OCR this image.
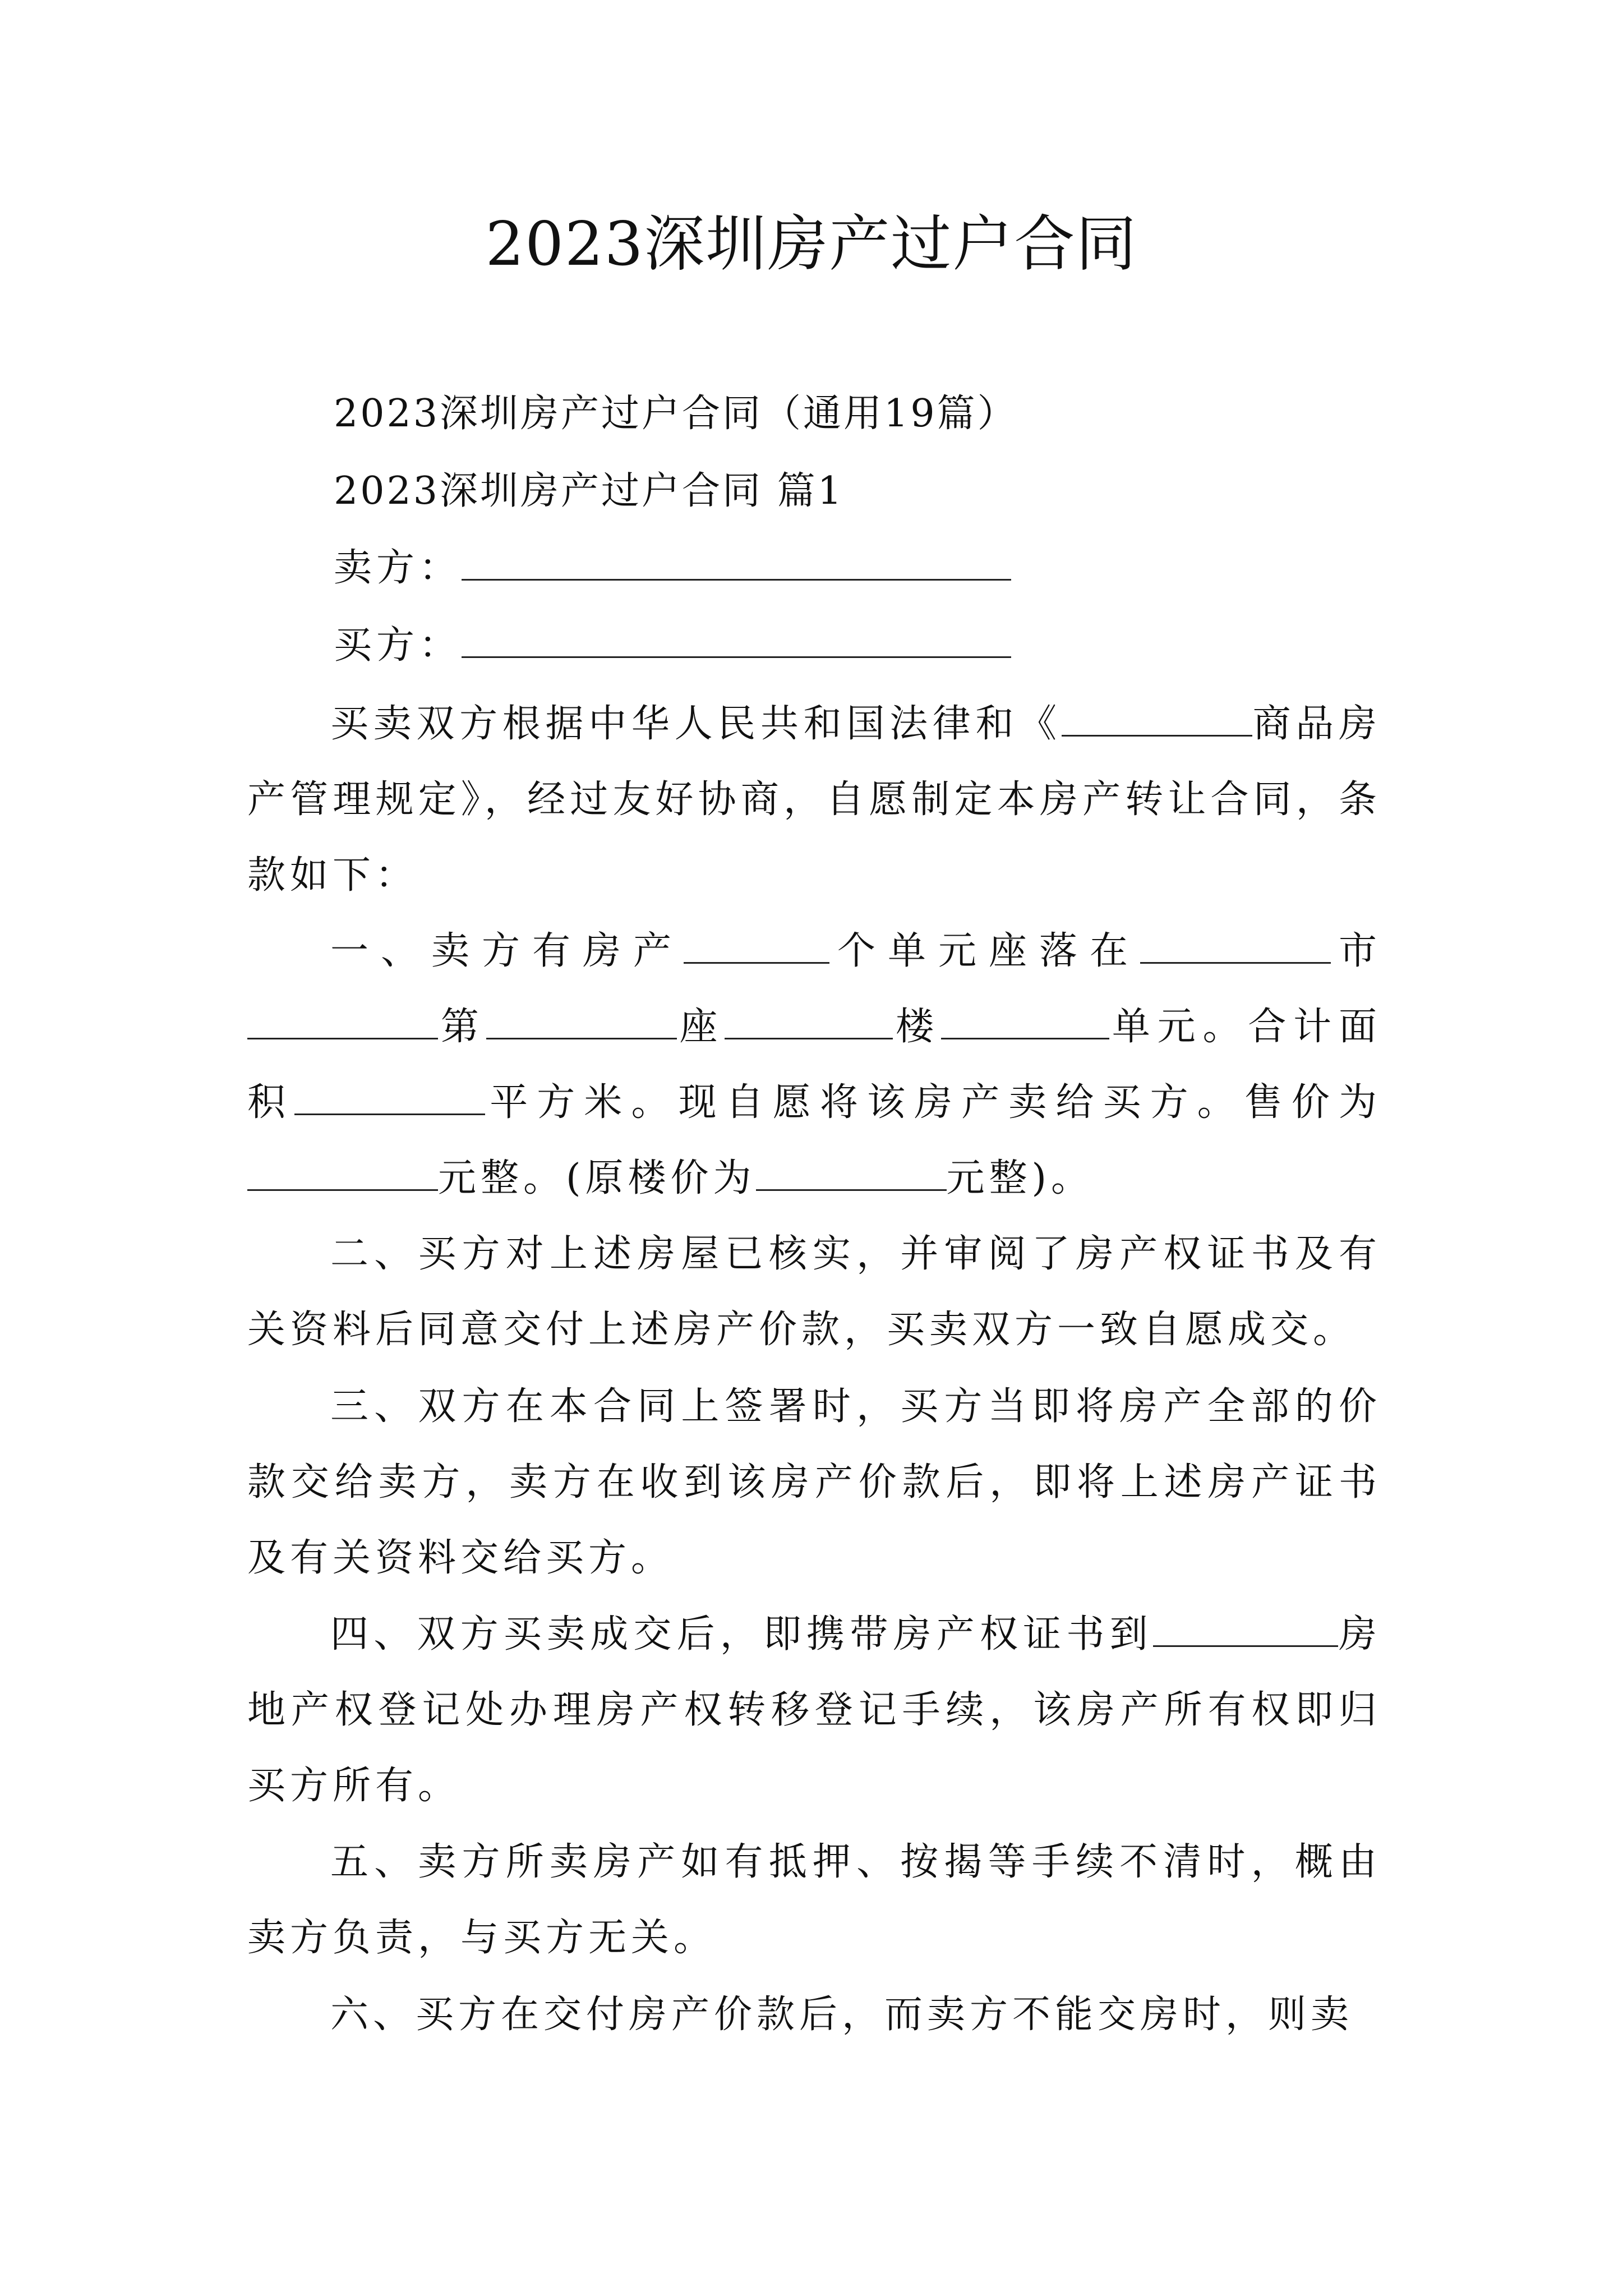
2023深圳房产过户合同
2023深圳房产过户合同（通用19篇）
2023深圳房产过户合同 篇1
卖方：
买方：

买卖双方根据中华人民共和国法律和《	商品房产管理规定》，经过友好协商，自愿制定本房产转让合同，条款如下：

一、卖方有房产	个单元座落在	市第	座	楼	单元。合计面积	平方米。现自愿将该房产卖给买方。售价为元整。(原楼价为	元整)。

二、买方对上述房屋已核实，并审阅了房产权证书及有关资料后同意交付上述房产价款，买卖双方一致自愿成交。

三、双方在本合同上签署时，买方当即将房产全部的价款交给卖方，卖方在收到该房产价款后，即将上述房产证书及有关资料交给买方。

四、双方买卖成交后，即携带房产权证书到	房地产权登记处办理房产权转移登记手续，该房产所有权即归买方所有。

五、卖方所卖房产如有抵押、按揭等手续不清时，概由卖方负责，与买方无关。

六、买方在交付房产价款后，而卖方不能交房时，则卖
